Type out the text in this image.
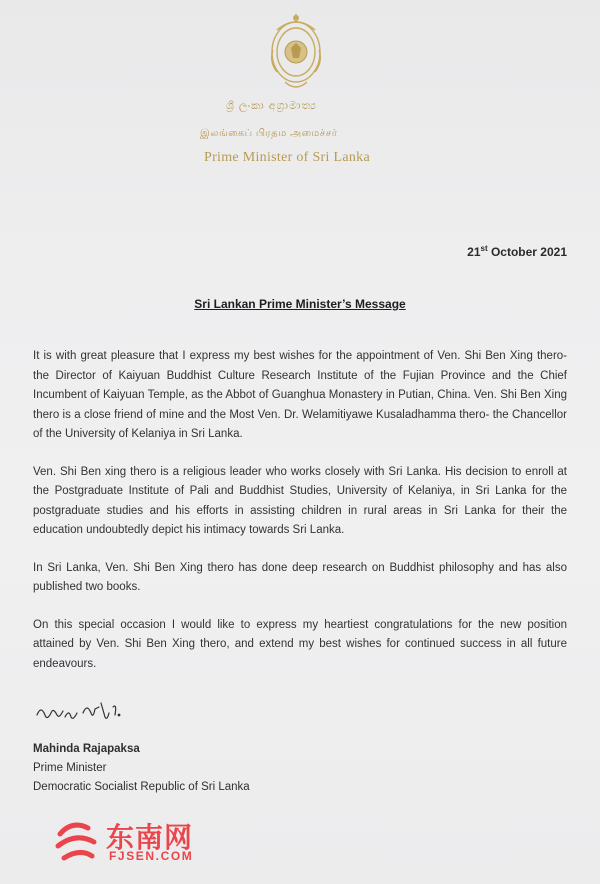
ශ්‍රී ලංකා අග්‍රාමාත්‍ය
இலங்கைப் பிரதம அமைச்சர்
Prime Minister of Sri Lanka
21st October 2021
Sri Lankan Prime Minister’s Message

It is with great pleasure that I express my best wishes for the appointment of Ven. Shi Ben Xing thero- the Director of Kaiyuan Buddhist Culture Research Institute of the Fujian Province and the Chief Incumbent of Kaiyuan Temple, as the Abbot of Guanghua Monastery in Putian, China. Ven. Shi Ben Xing thero is a close friend of mine and the Most Ven. Dr. Welamitiyawe Kusaladhamma thero- the Chancellor of the University of Kelaniya in Sri Lanka.

Ven. Shi Ben xing thero is a religious leader who works closely with Sri Lanka. His decision to enroll at the Postgraduate Institute of Pali and Buddhist Studies, University of Kelaniya, in Sri Lanka for the postgraduate studies and his efforts in assisting children in rural areas in Sri Lanka for their the education undoubtedly depict his intimacy towards Sri Lanka.

In Sri Lanka, Ven. Shi Ben Xing thero has done deep research on Buddhist philosophy and has also published two books.

On this special occasion I would like to express my heartiest congratulations for the new position attained by Ven. Shi Ben Xing thero, and extend my best wishes for continued success in all future endeavours.

Mahinda Rajapaksa
Prime Minister
Democratic Socialist Republic of Sri Lanka
东南网
FJSEN.COM
